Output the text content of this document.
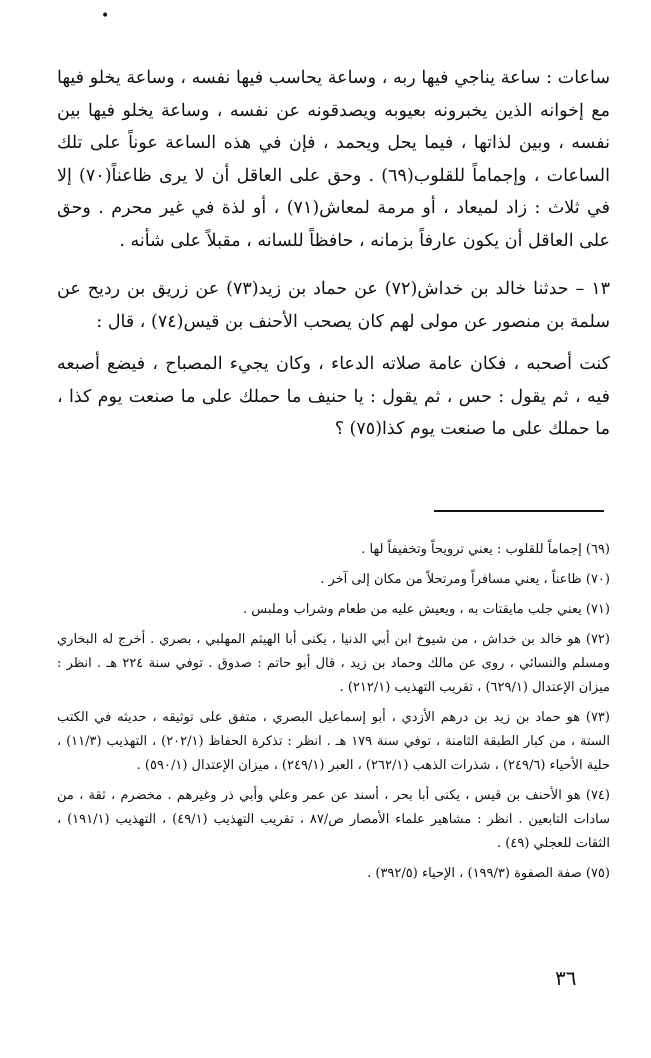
•

ساعات : ساعة يناجي فيها ربه ، وساعة يحاسب فيها نفسه ، وساعة يخلو فيها مع إخوانه الذين يخبرونه بعيوبه ويصدقونه عن نفسه ، وساعة يخلو فيها بين نفسه ، وبين لذاتها ، فيما يحل ويحمد ، فإن في هذه الساعة عوناً على تلك الساعات ، وإجماماً للقلوب(٦٩) . وحق على العاقل أن لا يرى ظاعناً(٧٠) إلا في ثلاث : زاد لميعاد ، أو مرمة لمعاش(٧١) ، أو لذة في غير محرم . وحق على العاقل أن يكون عارفاً بزمانه ، حافظاً للسانه ، مقبلاً على شأنه .

١٣ – حدثنا خالد بن خداش(٧٢) عن حماد بن زيد(٧٣) عن زريق بن رديح عن سلمة بن منصور عن مولى لهم كان يصحب الأحنف بن قيس(٧٤) ، قال :

كنت أصحبه ، فكان عامة صلاته الدعاء ، وكان يجيء المصباح ، فيضع أصبعه فيه ، ثم يقول : حس ، ثم يقول : يا حنيف ما حملك على ما صنعت يوم كذا ، ما حملك على ما صنعت يوم كذا(٧٥) ؟

(٦٩) إجماماً للقلوب : يعني ترويحاً وتخفيفاً لها .

(٧٠) ظاعناً ، يعني مسافراً ومرتحلاً من مكان إلى آخر .

(٧١) يعني جلب مايقتات به ، ويعيش عليه من طعام وشراب وملبس .

(٧٢) هو خالد بن خداش ، من شيوخ ابن أبي الدنيا ، يكنى أبا الهيثم المهلبي ، بصري . أخرج له البخاري ومسلم والنسائي ، روى عن مالك وحماد بن زيد ، قال أبو حاتم : صدوق . توفي سنة ٢٢٤ هـ . انظر : ميزان الإعتدال (٦٢٩/١) ، تقريب التهذيب (٢١٢/١) .

(٧٣) هو حماد بن زيد بن درهم الأزدي ، أبو إسماعيل البصري ، متفق على توثيقه ، حديثه في الكتب الستة ، من كبار الطبقة الثامنة ، توفي سنة ١٧٩ هـ . انظر : تذكرة الحفاظ (٢٠٢/١) ، التهذيب (١١/٣) ، حلية الأحياء (٢٤٩/٦) ، شذرات الذهب (٢٦٢/١) ، العبر (٢٤٩/١) ، ميزان الإعتدال (٥٩٠/١) .

(٧٤) هو الأحنف بن قيس ، يكنى أبا بحر ، أسند عن عمر وعلي وأبي ذر وغيرهم . مخضرم ، ثقة ، من سادات التابعين . انظر : مشاهير علماء الأمصار ص/٨٧ ، تقريب التهذيب (٤٩/١) ، التهذيب (١٩١/١) ، الثقات للعجلي (٤٩) .

(٧٥) صفة الصفوة (١٩٩/٣) ، الإحياء (٣٩٢/٥) .

٣٦
